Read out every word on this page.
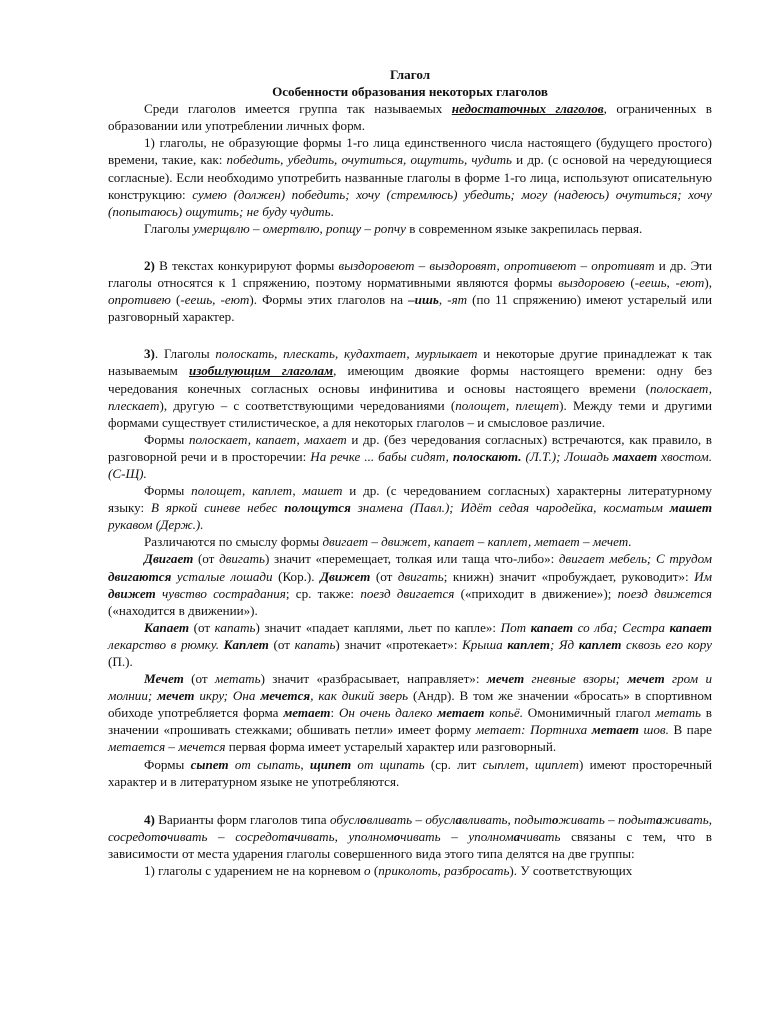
Глагол
Особенности образования некоторых глаголов

Среди глаголов имеется группа так называемых недостаточных глаголов, ограниченных в образовании или употреблении личных форм.

1) глаголы, не образующие формы 1-го лица единственного числа настоящего (будущего простого) времени, такие, как: победить, убедить, очутиться, ощутить, чудить и др. (с основой на чередующиеся согласные). Если необходимо употребить названные глаголы в форме 1-го лица, используют описательную конструкцию: сумею (должен) победить; хочу (стремлюсь) убедить; могу (надеюсь) очутиться; хочу (попытаюсь) ощутить; не буду чудить.

Глаголы умерщвлю – омертвлю, ропщу – ропчу в современном языке закрепилась первая.

2) В текстах конкурируют формы выздоровеют – выздоровят, опротивеют – опротивят и др. Эти глаголы относятся к 1 спряжению, поэтому нормативными являются формы выздоровею (-еешь, -еют), опротивею (-еешь, -еют). Формы этих глаголов на –ишь, -ят (по 11 спряжению) имеют устарелый или разговорный характер.

3). Глаголы полоскать, плескать, кудахтает, мурлыкает и некоторые другие принадлежат к так называемым изобилующим глаголам, имеющим двоякие формы настоящего времени: одну без чередования конечных согласных основы инфинитива и основы настоящего времени (полоскает, плескает), другую – с соответствующими чередованиями (полощет, плещет). Между теми и другими формами существует стилистическое, а для некоторых глаголов – и смысловое различие.

Формы полоскает, капает, махает и др. (без чередования согласных) встречаются, как правило, в разговорной речи и в просторечии: На речке ... бабы сидят, полоскают. (Л.Т.); Лошадь махает хвостом. (С-Щ).

Формы полощет, каплет, машет и др. (с чередованием согласных) характерны литературному языку: В яркой синеве небес полощутся знамена (Павл.); Идёт седая чародейка, косматым машет рукавом (Держ.).

Различаются по смыслу формы двигает – движет, капает – каплет, метает – мечет.

Двигает (от двигать) значит «перемещает, толкая или таща что-либо»: двигает мебель; С трудом двигаются усталые лошади (Кор.). Движет (от двигать; книжн) значит «пробуждает, руководит»: Им движет чувство сострадания; ср. также: поезд двигается («приходит в движение»); поезд движется («находится в движении»).

Капает (от капать) значит «падает каплями, льет по капле»: Пот капает со лба; Сестра капает лекарство в рюмку. Каплет (от капать) значит «протекает»: Крыша каплет; Яд каплет сквозь его кору (П.).

Мечет (от метать) значит «разбрасывает, направляет»: мечет гневные взоры; мечет гром и молнии; мечет икру; Она мечется, как дикий зверь (Андр). В том же значении «бросать» в спортивном обиходе употребляется форма метает: Он очень далеко метает копьё. Омонимичный глагол метать в значении «прошивать стежками; обшивать петли» имеет форму метает: Портниха метает шов. В паре метается – мечется первая форма имеет устарелый характер или разговорный.

Формы сыпет от сыпать, щипет от щипать (ср. лит сыплет, щиплет) имеют просторечный характер и в литературном языке не употребляются.

4) Варианты форм глаголов типа обусловливать – обуславливать, подытоживать – подытаживать, сосредоточивать – сосредотачивать, уполномочивать – уполномачивать связаны с тем, что в зависимости от места ударения глаголы совершенного вида этого типа делятся на две группы:

1) глаголы с ударением не на корневом о (приколоть, разбросать). У соответствующих
